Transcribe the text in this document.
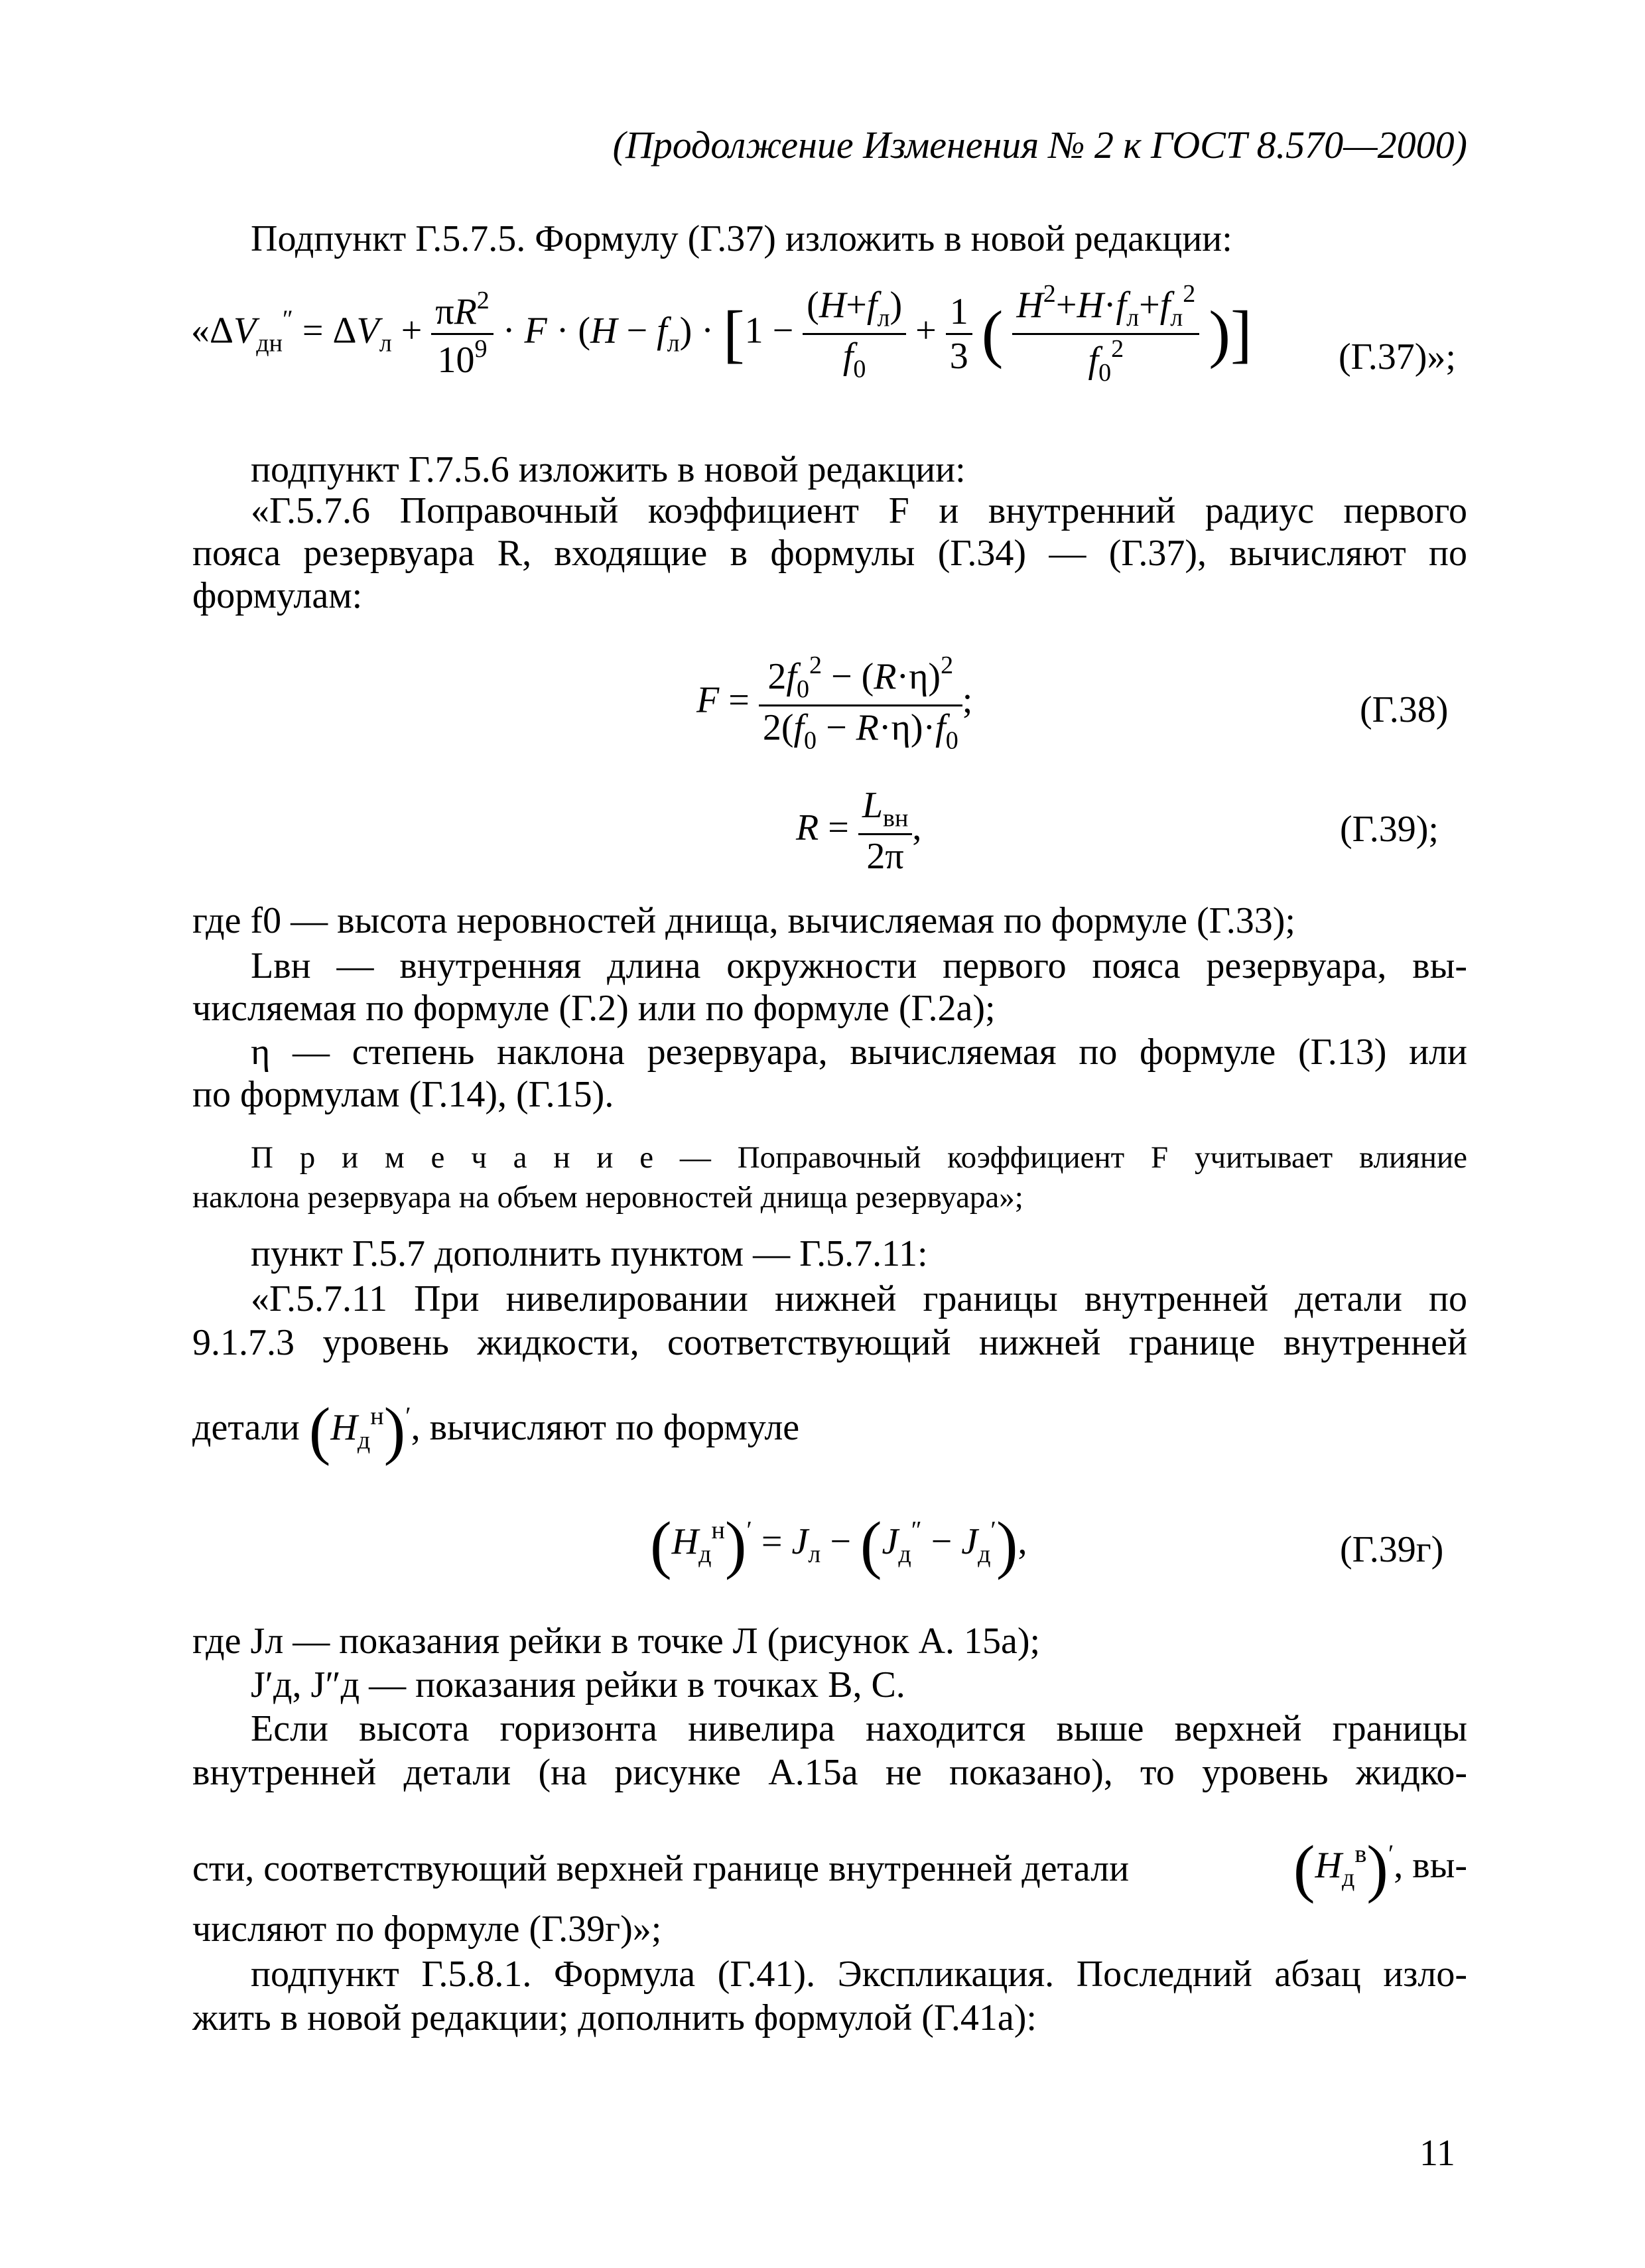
(Продолжение Изменения № 2 к ГОСТ 8.570—2000)
Подпункт Г.5.7.5. Формулу (Г.37) изложить в новой редакции:
«$\Delta V_{дн}'' = \Delta V_л + \frac{\pi R^2}{10^9} \cdot F \cdot (H - f_л) \cdot [1 - \frac{(H+f_л)}{f_0} + \frac{1}{3}$ ( $\frac{H^2+H\cdot f_л+f_л^2}{f_0^2}$ )] (Г.37)»;
подпункт Г.7.5.6 изложить в новой редакции:
«Г.5.7.6 Поправочный коэффициент F и внутренний радиус первого
пояса резервуара R, входящие в формулы (Г.34) — (Г.37), вычисляют по
формулам:
$F = \frac{2f_0^2 - (R\cdot\eta)^2}{2(f_0 - R\cdot\eta)\cdot f_0}$ ;	(Г.38)
$R = \frac{L_{вн}}{2\pi}$ ,	(Г.39);
где f0 — высота неровностей днища, вычисляемая по формуле (Г.33);
Lвн — внутренняя длина окружности первого пояса резервуара, вы-
числяемая по формуле (Г.2) или по формуле (Г.2а);
η — степень наклона резервуара, вычисляемая по формуле (Г.13) или
по формулам (Г.14), (Г.15).
П р и м е ч а н и е — Поправочный коэффициент F учитывает влияние
наклона резервуара на объем неровностей днища резервуара»;
пункт Г.5.7 дополнить пунктом — Г.5.7.11:
«Г.5.7.11 При нивелировании нижней границы внутренней детали по
9.1.7.3 уровень жидкости, соответствующий нижней границе внутренней
детали $(H_д^н)'$, вычисляют по формуле
$(H_д^н)' = J_л - (J_д'' - J_д')$,	(Г.39г)
где Jл — показания рейки в точке Л (рисунок А. 15а);
J′д, J″д — показания рейки в точках В, С.
Если высота горизонта нивелира находится выше верхней границы
внутренней детали (на рисунке А.15а не показано), то уровень жидко-
сти, соответствующий верхней границе внутренней детали	$(H_д^в)'$, вы-
числяют по формуле (Г.39г)»;
подпункт Г.5.8.1. Формула (Г.41). Экспликация. Последний абзац изло-
жить в новой редакции; дополнить формулой (Г.41а):
11
